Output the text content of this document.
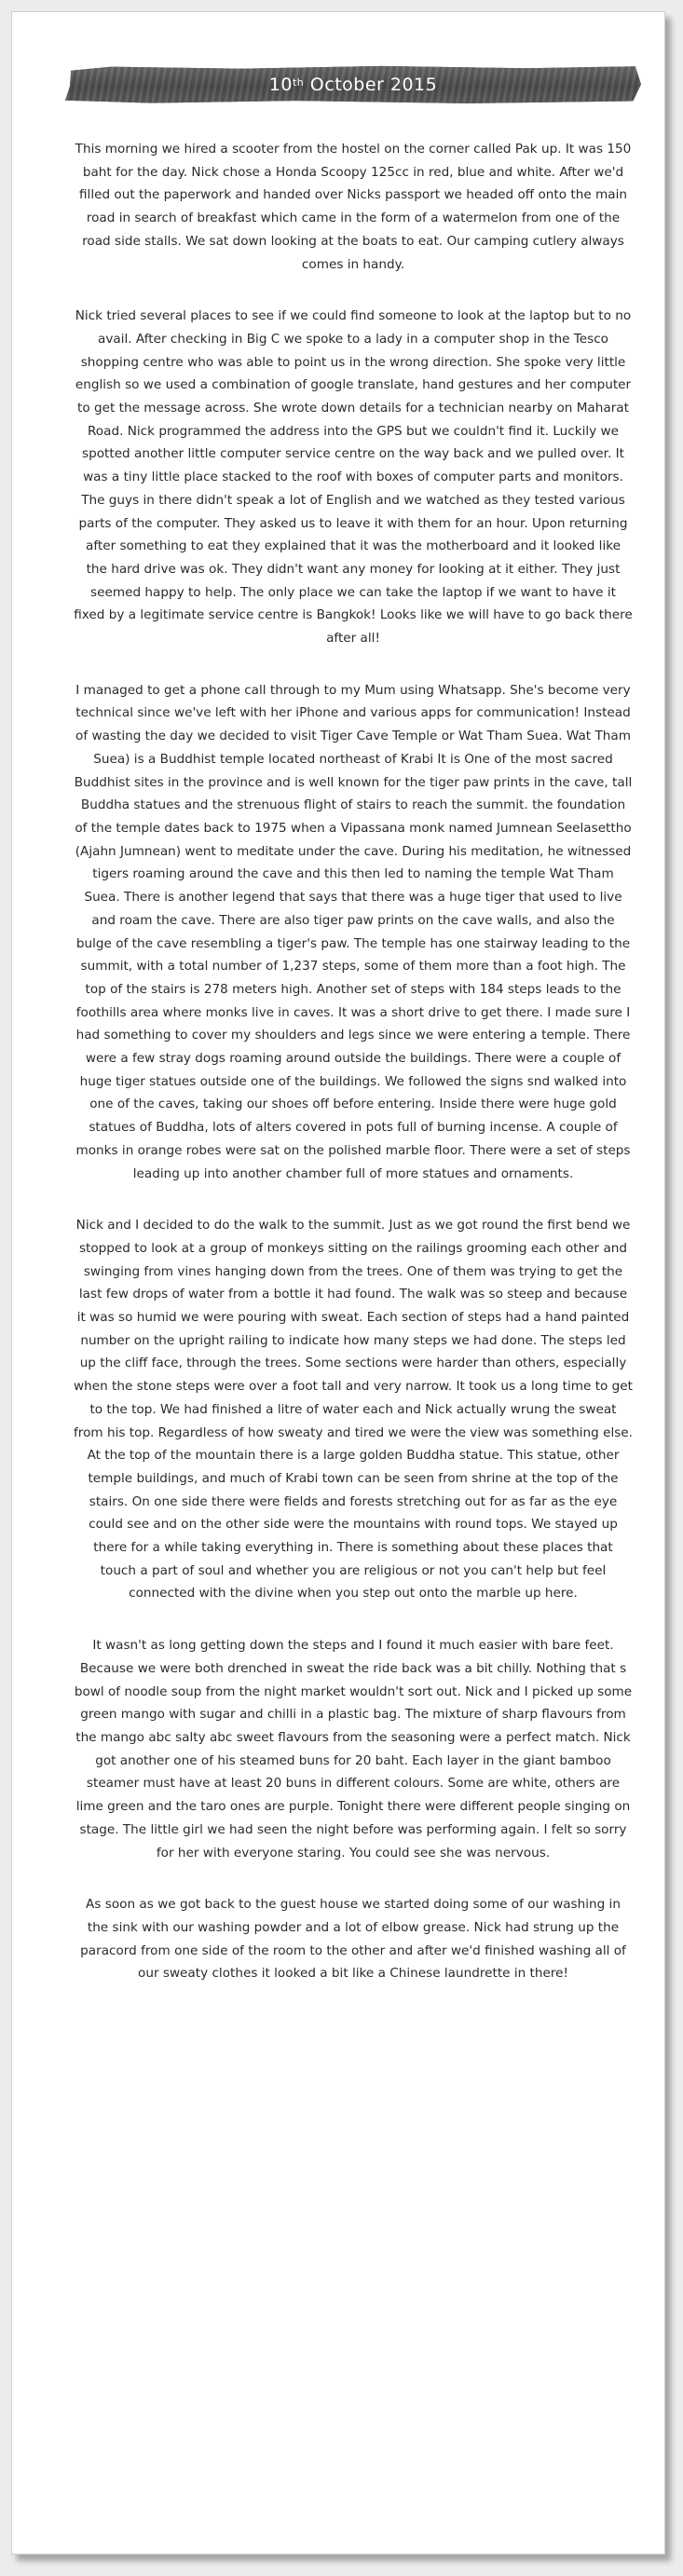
10th October 2015

This morning we hired a scooter from the hostel on the corner called Pak up. It was 150 baht for the day. Nick chose a Honda Scoopy 125cc in red, blue and white. After we'd filled out the paperwork and handed over Nicks passport we headed off onto the main road in search of breakfast which came in the form of a watermelon from one of the road side stalls. We sat down looking at the boats to eat. Our camping cutlery always comes in handy.

Nick tried several places to see if we could find someone to look at the laptop but to no avail. After checking in Big C we spoke to a lady in a computer shop in the Tesco shopping centre who was able to point us in the wrong direction. She spoke very little english so we used a combination of google translate, hand gestures and her computer to get the message across. She wrote down details for a technician nearby on Maharat Road. Nick programmed the address into the GPS but we couldn't find it. Luckily we spotted another little computer service centre on the way back and we pulled over. It was a tiny little place stacked to the roof with boxes of computer parts and monitors. The guys in there didn't speak a lot of English and we watched as they tested various parts of the computer. They asked us to leave it with them for an hour. Upon returning after something to eat they explained that it was the motherboard and it looked like the hard drive was ok. They didn't want any money for looking at it either. They just seemed happy to help. The only place we can take the laptop if we want to have it fixed by a legitimate service centre is Bangkok! Looks like we will have to go back there after all!

I managed to get a phone call through to my Mum using Whatsapp. She's become very technical since we've left with her iPhone and various apps for communication! Instead of wasting the day we decided to visit Tiger Cave Temple or Wat Tham Suea. Wat Tham Suea) is a Buddhist temple located northeast of Krabi It is One of the most sacred Buddhist sites in the province and is well known for the tiger paw prints in the cave, tall Buddha statues and the strenuous flight of stairs to reach the summit. the foundation of the temple dates back to 1975 when a Vipassana monk named Jumnean Seelasettho (Ajahn Jumnean) went to meditate under the cave. During his meditation, he witnessed tigers roaming around the cave and this then led to naming the temple Wat Tham Suea. There is another legend that says that there was a huge tiger that used to live and roam the cave. There are also tiger paw prints on the cave walls, and also the bulge of the cave resembling a tiger's paw. The temple has one stairway leading to the summit, with a total number of 1,237 steps, some of them more than a foot high. The top of the stairs is 278 meters high. Another set of steps with 184 steps leads to the foothills area where monks live in caves. It was a short drive to get there. I made sure I had something to cover my shoulders and legs since we were entering a temple. There were a few stray dogs roaming around outside the buildings. There were a couple of huge tiger statues outside one of the buildings. We followed the signs snd walked into one of the caves, taking our shoes off before entering. Inside there were huge gold statues of Buddha, lots of alters covered in pots full of burning incense. A couple of monks in orange robes were sat on the polished marble floor. There were a set of steps leading up into another chamber full of more statues and ornaments.

Nick and I decided to do the walk to the summit. Just as we got round the first bend we stopped to look at a group of monkeys sitting on the railings grooming each other and swinging from vines hanging down from the trees. One of them was trying to get the last few drops of water from a bottle it had found. The walk was so steep and because it was so humid we were pouring with sweat. Each section of steps had a hand painted number on the upright railing to indicate how many steps we had done. The steps led up the cliff face, through the trees. Some sections were harder than others, especially when the stone steps were over a foot tall and very narrow. It took us a long time to get to the top. We had finished a litre of water each and Nick actually wrung the sweat from his top. Regardless of how sweaty and tired we were the view was something else. At the top of the mountain there is a large golden Buddha statue. This statue, other temple buildings, and much of Krabi town can be seen from shrine at the top of the stairs. On one side there were fields and forests stretching out for as far as the eye could see and on the other side were the mountains with round tops. We stayed up there for a while taking everything in. There is something about these places that touch a part of soul and whether you are religious or not you can't help but feel connected with the divine when you step out onto the marble up here.

It wasn't as long getting down the steps and I found it much easier with bare feet. Because we were both drenched in sweat the ride back was a bit chilly. Nothing that s bowl of noodle soup from the night market wouldn't sort out. Nick and I picked up some green mango with sugar and chilli in a plastic bag. The mixture of sharp flavours from the mango abc salty abc sweet flavours from the seasoning were a perfect match. Nick got another one of his steamed buns for 20 baht. Each layer in the giant bamboo steamer must have at least 20 buns in different colours. Some are white, others are lime green and the taro ones are purple. Tonight there were different people singing on stage. The little girl we had seen the night before was performing again. I felt so sorry for her with everyone staring. You could see she was nervous.

As soon as we got back to the guest house we started doing some of our washing in the sink with our washing powder and a lot of elbow grease. Nick had strung up the paracord from one side of the room to the other and after we'd finished washing all of our sweaty clothes it looked a bit like a Chinese laundrette in there!
